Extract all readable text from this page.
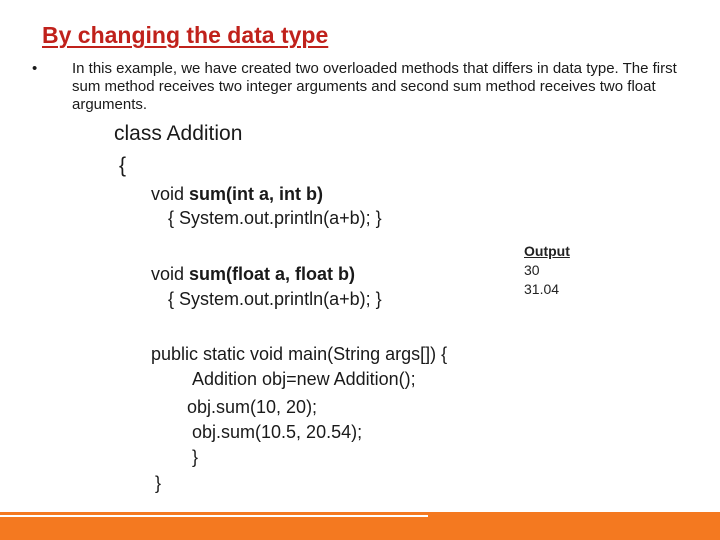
By changing the data type
•	In this example, we have created two overloaded methods that differs in data type. The first sum method receives two integer arguments and second sum method receives two float arguments.
class Addition
{
void sum(int a, int b)
{ System.out.println(a+b); }
void sum(float a, float b)
{ System.out.println(a+b); }
public static void main(String args[]) {
Addition obj=new Addition();
obj.sum(10, 20);
obj.sum(10.5, 20.54);
}
}
Output
30
31.04
